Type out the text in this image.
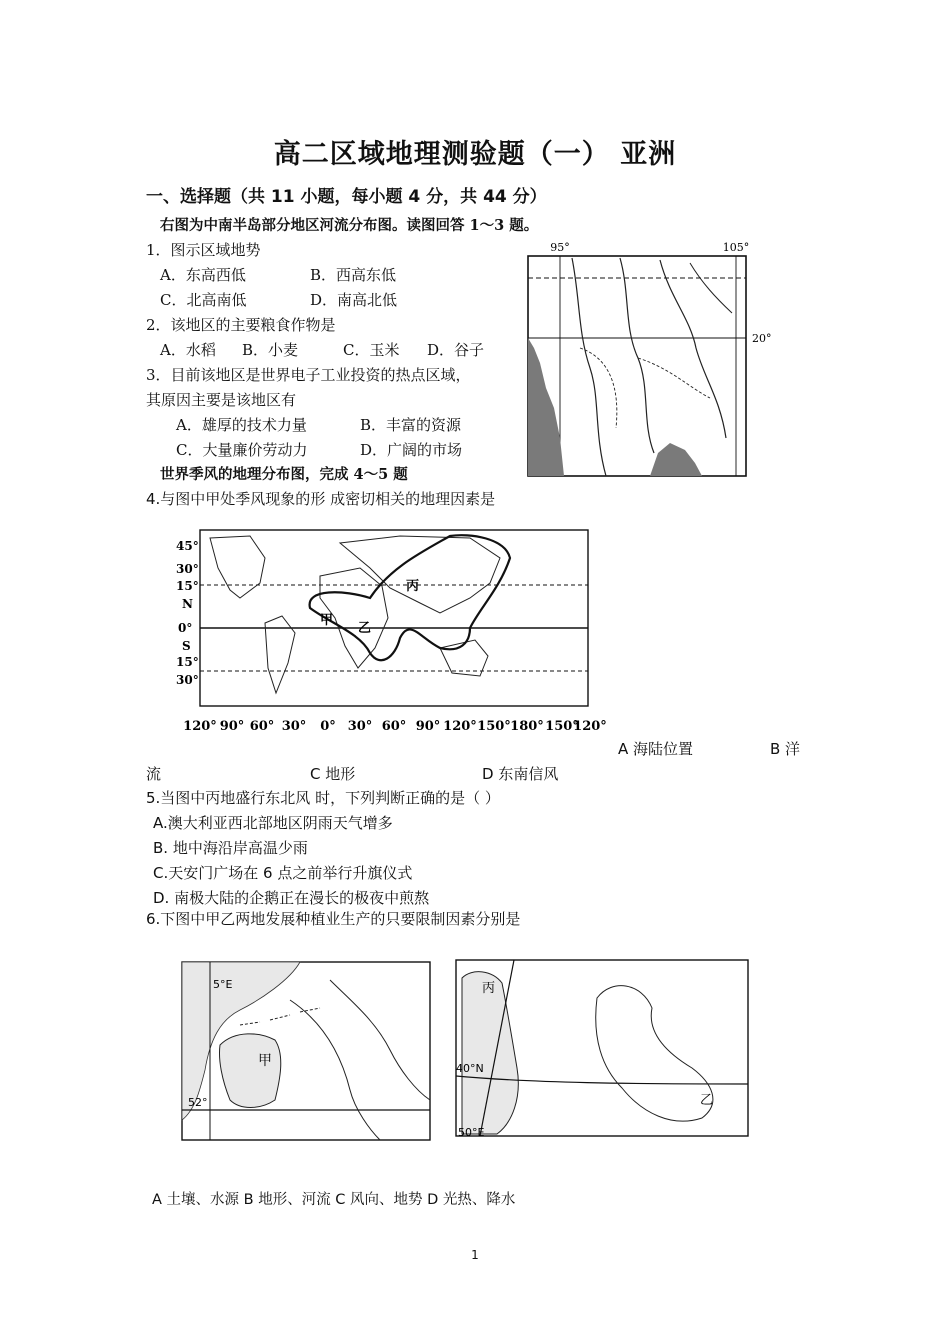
高二区域地理测验题（一） 亚洲
一、选择题（共 11 小题，每小题 4 分，共 44 分）
右图为中南半岛部分地区河流分布图。读图回答 1～3 题。
1．图示区域地势
A．东高西低	B．西高东低
C．北高南低	D．南高北低
2．该地区的主要粮食作物是
A．水稻 B．小麦	C．玉米 D．谷子
3．目前该地区是世界电子工业投资的热点区域，
其原因主要是该地区有
A．雄厚的技术力量	B．丰富的资源
C．大量廉价劳动力	D．广阔的市场
世界季风的地理分布图，完成 4～5 题
4.与图中甲处季风现象的形 成密切相关的地理因素是
95°	105°
20°
甲
乙
丙
45°
30°
15°
N
0°
S
15°
30°
120° 90° 60° 30° 0° 30° 60° 90° 120° 150° 180° 150°
120°
A 海陆位置	B 洋
流	C 地形	D 东南信风
5.当图中丙地盛行东北风 时，下列判断正确的是（ ）
A.澳大利亚西北部地区阴雨天气增多
B. 地中海沿岸高温少雨
C.天安门广场在 6 点之前举行升旗仪式
D. 南极大陆的企鹅正在漫长的极夜中煎熬
6.下图中甲乙两地发展种植业生产的只要限制因素分别是
5°E
52°
甲
丙
40°N
50°E
乙
A 土壤、水源 B 地形、河流 C 风向、地势 D 光热、降水
1
